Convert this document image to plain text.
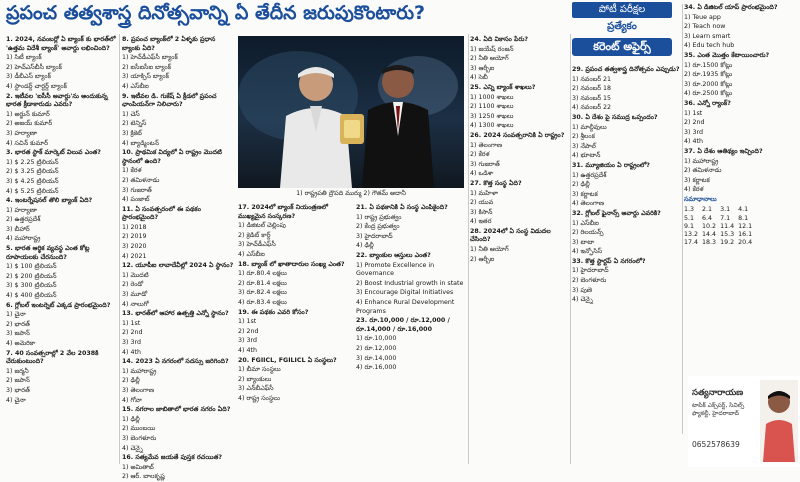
ప్రపంచ తత్వశాస్త్ర దినోత్సవాన్ని ఏ తేదీన జరుపుకొంటారు?	పోటీ పరీక్షల
ప్రత్యేకం
కరెంట్ అఫైర్స్

1. 2024, నవంబర్లో ఏ బ్యాంక్ కు భారత్‌లో 'ఉత్తమ విదేశీ బ్యాంక్' అవార్డు లభించింది?

1) సిటీ బ్యాంక్

2) హెచ్‌ఎస్‌బీసీ బ్యాంక్

3) డీబీఎస్ బ్యాంక్

4) స్టాండర్డ్ చార్టర్డ్ బ్యాంక్

2. ఇటీవల 'ఐసీసీ అవార్డు'ను అందుకున్న భారత క్రీడాకారుడు ఎవరు?

1) అర్జున్ కుమార్

2) అజయ్ కుమార్

3) హర్యాణా

4) సచిన్ కుమార్

3. భారత స్టాక్ మార్కెట్ విలువ ఎంత?

1) $ 2.25 ట్రిలియన్

2) $ 3.25 ట్రిలియన్

3) $ 4.25 ట్రిలియన్

4) $ 5.25 ట్రిలియన్

4. ఇంటర్నేషనల్ తొలి బ్యాంక్ ఏది?

1) హర్యాణా

2) ఉత్తరప్రదేశ్

3) బీహార్

4) మహారాష్ట్ర

5. భారత ఆర్థిక వ్యవస్థ ఎంత కోట్ల రూపాయలకు చేరనుంది?

1) $ 100 ట్రిలియన్

2) $ 200 ట్రిలియన్

3) $ 300 ట్రిలియన్

4) $ 400 ట్రిలియన్

6. గ్లోబల్ ఇంటర్నెట్ ఎక్కడ ప్రారంభమైంది?

1) చైనా

2) భారత్

3) జపాన్

4) అమెరికా

7. 40 సంవత్సరాల్లో 2 వేల 2038కి చేరుకుంటుంది?

1) జర్మనీ

2) జపాన్

3) భారత్

4) చైనా

8. ప్రపంచ బ్యాంక్‌లో 2 ఏళ్ళకు ప్రధాన బ్యాంకు ఏది?

1) హెచ్‌డీఎఫ్‌సీ బ్యాంక్

2) ఐసీఐసీఐ బ్యాంక్

3) యాక్సిస్ బ్యాంక్

4) ఎస్‌బీఐ

9. ఇటీవల డి. గుకేష్ ఏ క్రీడలో ప్రపంచ ఛాంపియన్‌గా నిలిచారు?

1) చెస్

2) టెన్నిస్

3) క్రికెట్

4) బ్యాడ్మింటన్

10. ప్రాథమిక విద్యలో ఏ రాష్ట్రం మొదటి స్థానంలో ఉంది?

1) కేరళ

2) తమిళనాడు

3) గుజరాత్

4) పంజాబ్

11. ఏ సంవత్సరంలో ఈ పథకం ప్రారంభమైంది?

1) 2018

2) 2019

3) 2020

4) 2021

12. యూపీఐ లావాదేవీల్లో 2024 ఏ స్థానం?

1) మొదటి

2) రెండో

3) మూడో

4) నాలుగో

13. భారత్‌లో ఆహార ఉత్పత్తి ఎన్నో స్థానం?

1) 1st

2) 2nd

3) 3rd

4) 4th

14. 2023 ఏ నగరంలో సదస్సు జరిగింది?

1) మహారాష్ట్ర

2) ఢిల్లీ

3) తెలంగాణ

4) గోవా

15. నగరాల జాబితాలో భారత నగరం ఏది?

1) ఢిల్లీ

2) ముంబయి

3) బెంగళూరు

4) చెన్నై

16. సత్యమేవ జయతే పుస్తక రచయిత?

1) అమితాబ్

2) ఆర్. బాలకృష్ణ

1) రాష్ట్రపతి ద్రౌపది ముర్ము 2) గౌతమ్ అదానీ

17. 2024లో బ్యాంక్ నియంత్రణలో ముఖ్యమైన సంస్కరణ?

1) డిజిటల్ చెల్లింపు

2) క్రెడిట్ కార్డ్

3) హెచ్‌డీఎఫ్‌సీ

4) ఎస్‌బీఐ

18. బ్యాంక్ లో ఖాతాదారుల సంఖ్య ఎంత?

1) రూ.80.4 లక్షలు

2) రూ.81.4 లక్షలు

3) రూ.82.4 లక్షలు

4) రూ.83.4 లక్షలు

19. ఈ పథకం ఎవరి కోసం?

1) 1st

2) 2nd

3) 3rd

4) 4th

20. FGIICL, FGILICL ఏ సంస్థలు?

1) బీమా సంస్థలు

2) బ్యాంకులు

3) ఎన్‌బీఎఫ్‌సీ

4) రాష్ట్ర సంస్థలు

21. ఏ పథకానికి ఏ సంస్థ ఎంపికైంది?

1) రాష్ట్ర ప్రభుత్వం

2) కేంద్ర ప్రభుత్వం

3) హైదరాబాద్

4) ఢిల్లీ

22. బ్యాంకుల ఆస్తులు ఎంత?

1) Promote Excellence in Governance

2) Boost Industrial growth in state

3) Encourage Digital Initiatives

4) Enhance Rural Development Programs

23. రూ.10,000 / రూ.12,000 / రూ.14,000 / రూ.16,000

1) రూ.10,000

2) రూ.12,000

3) రూ.14,000

4) రూ.16,000

24. ఏది వికాసం పేరు?

1) జయేష్ రంజన్

2) నీతి ఆయోగ్

3) ఆర్బీఐ

4) సెబీ

25. ఎన్ని బ్యాంక్ శాఖలు?

1) 1000 శాఖలు

2) 1100 శాఖలు

3) 1250 శాఖలు

4) 1300 శాఖలు

26. 2024 సంవత్సరానికి ఏ రాష్ట్రం?

1) తెలంగాణ

2) కేరళ

3) గుజరాత్

4) ఒడిశా

27. కొత్త సంస్థ ఏది?

1) మహిళా

2) యువ

3) కిసాన్

4) ఇతర

28. 2024లో ఏ సంస్థ విడుదల చేసింది?

1) నీతి ఆయోగ్

2) ఆర్బీఐ

29. ప్రపంచ తత్వశాస్త్ర దినోత్సవం ఎప్పుడు?

1) నవంబర్ 21

2) నవంబర్ 18

3) నవంబర్ 15

4) నవంబర్ 22

30. ఏ దేశం పై సముద్ర ఒప్పందం?

1) మాల్దీవులు

2) శ్రీలంక

3) నేపాల్

4) భూటాన్

31. మ్యూజియం ఏ రాష్ట్రంలో?

1) ఉత్తరప్రదేశ్

2) ఢిల్లీ

3) కర్ణాటక

4) తెలంగాణ

32. గ్లోబల్ ఫైనాన్స్ అవార్డు ఎవరికి?

1) ఎస్‌బీఐ

2) రిలయన్స్

3) టాటా

4) ఇన్ఫోసిస్

33. కొత్త స్టార్టప్ ఏ నగరంలో?

1) హైదరాబాద్

2) బెంగళూరు

3) పుణె

4) చెన్నై

34. ఏ డిజిటల్ యాప్ ప్రారంభమైంది?

1) Teue app

2) Teach now

3) Learn smart

4) Edu tech hub

35. ఎంత మొత్తం కేటాయించారు?

1) రూ.1500 కోట్లు

2) రూ.1935 కోట్లు

3) రూ.2000 కోట్లు

4) రూ.2500 కోట్లు

36. ఎన్నో ర్యాంక్?

1) 1st

2) 2nd

3) 3rd

4) 4th

37. ఏ దేశం ఆతిథ్యం ఇచ్చింది?

1) మహారాష్ట్ర

2) తమిళనాడు

3) కర్ణాటక

4) కేరళ

సమాధానాలు

1.3	2.1	3.1	4.1
5.1	6.4	7.1	8.1
9.1	10.2	11.4	12.1
13.2	14.4	15.3	16.1
17.4	18.3	19.2	20.4
సత్యనారాయణ
టాపిక్ ఎక్స్‌పర్ట్, సివిల్స్ ఫ్యాకల్టీ, హైదరాబాద్
0652578639
